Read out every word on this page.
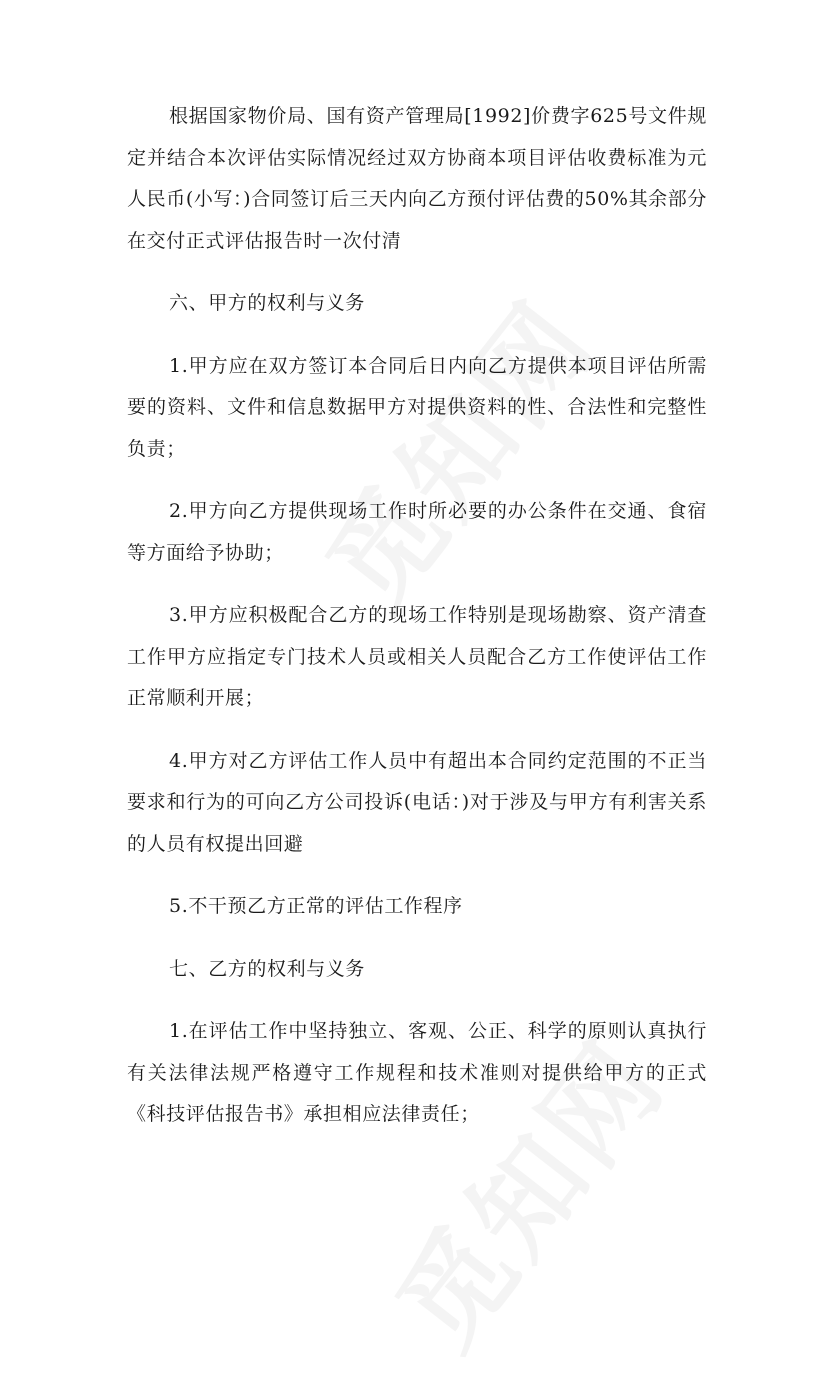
根据国家物价局、国有资产管理局[1992]价费字625号文件规定并结合本次评估实际情况经过双方协商本项目评估收费标准为元人民币(小写：)合同签订后三天内向乙方预付评估费的50%其余部分在交付正式评估报告时一次付清

六、甲方的权利与义务

1.甲方应在双方签订本合同后日内向乙方提供本项目评估所需要的资料、文件和信息数据甲方对提供资料的性、合法性和完整性负责；

2.甲方向乙方提供现场工作时所必要的办公条件在交通、食宿等方面给予协助；

3.甲方应积极配合乙方的现场工作特别是现场勘察、资产清查工作甲方应指定专门技术人员或相关人员配合乙方工作使评估工作正常顺利开展；

4.甲方对乙方评估工作人员中有超出本合同约定范围的不正当要求和行为的可向乙方公司投诉(电话：)对于涉及与甲方有利害关系的人员有权提出回避

5.不干预乙方正常的评估工作程序

七、乙方的权利与义务

1.在评估工作中坚持独立、客观、公正、科学的原则认真执行有关法律法规严格遵守工作规程和技术准则对提供给甲方的正式《科技评估报告书》承担相应法律责任；
